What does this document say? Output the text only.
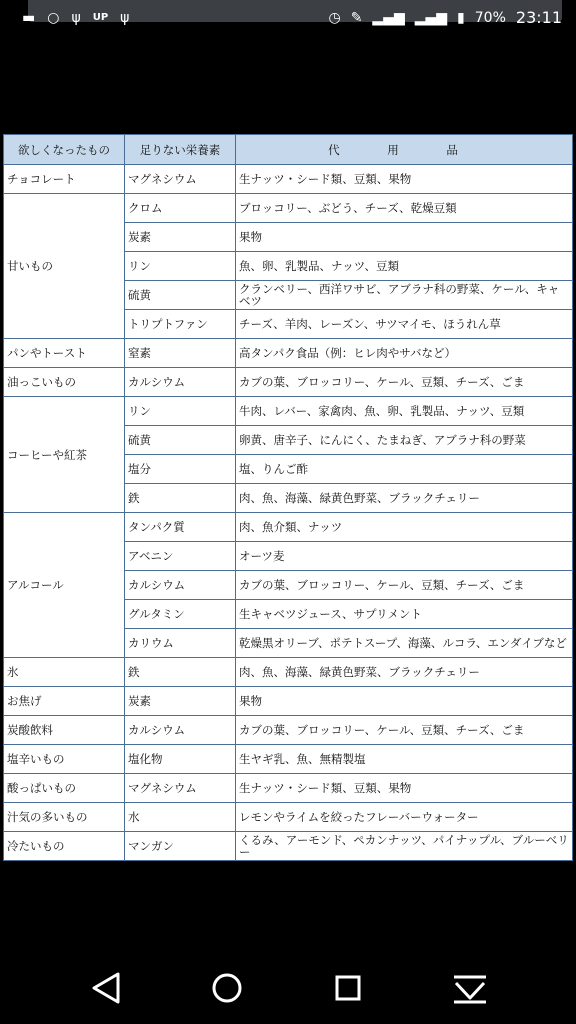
▬ ○ ψ UP ψ	◷ ✎ ▂▄▆ ▂▄▆ ▮ 70% 23:11
欲しくなったもの	足りない栄養素	代 用 品
チョコレート	マグネシウム	生ナッツ・シード類、豆類、果物
甘いもの	クロム	ブロッコリー、ぶどう、チーズ、乾燥豆類
	炭素	果物
	リン	魚、卵、乳製品、ナッツ、豆類
	硫黄	クランベリー、西洋ワサビ、アブラナ科の野菜、ケール、キャベツ
	トリプトファン	チーズ、羊肉、レーズン、サツマイモ、ほうれん草
パンやトースト	窒素	高タンパク食品（例：ヒレ肉やサバなど）
油っこいもの	カルシウム	カブの葉、ブロッコリー、ケール、豆類、チーズ、ごま
コーヒーや紅茶	リン	牛肉、レバー、家禽肉、魚、卵、乳製品、ナッツ、豆類
	硫黄	卵黄、唐辛子、にんにく、たまねぎ、アブラナ科の野菜
	塩分	塩、りんご酢
	鉄	肉、魚、海藻、緑黄色野菜、ブラックチェリー
アルコール	タンパク質	肉、魚介類、ナッツ
	アベニン	オーツ麦
	カルシウム	カブの葉、ブロッコリー、ケール、豆類、チーズ、ごま
	グルタミン	生キャベツジュース、サプリメント
	カリウム	乾燥黒オリーブ、ポテトスープ、海藻、ルコラ、エンダイブなど
氷	鉄	肉、魚、海藻、緑黄色野菜、ブラックチェリー
お焦げ	炭素	果物
炭酸飲料	カルシウム	カブの葉、ブロッコリー、ケール、豆類、チーズ、ごま
塩辛いもの	塩化物	生ヤギ乳、魚、無精製塩
酸っぱいもの	マグネシウム	生ナッツ・シード類、豆類、果物
汁気の多いもの	水	レモンやライムを絞ったフレーバーウォーター
冷たいもの	マンガン	くるみ、アーモンド、ペカンナッツ、パイナップル、ブルーベリー
